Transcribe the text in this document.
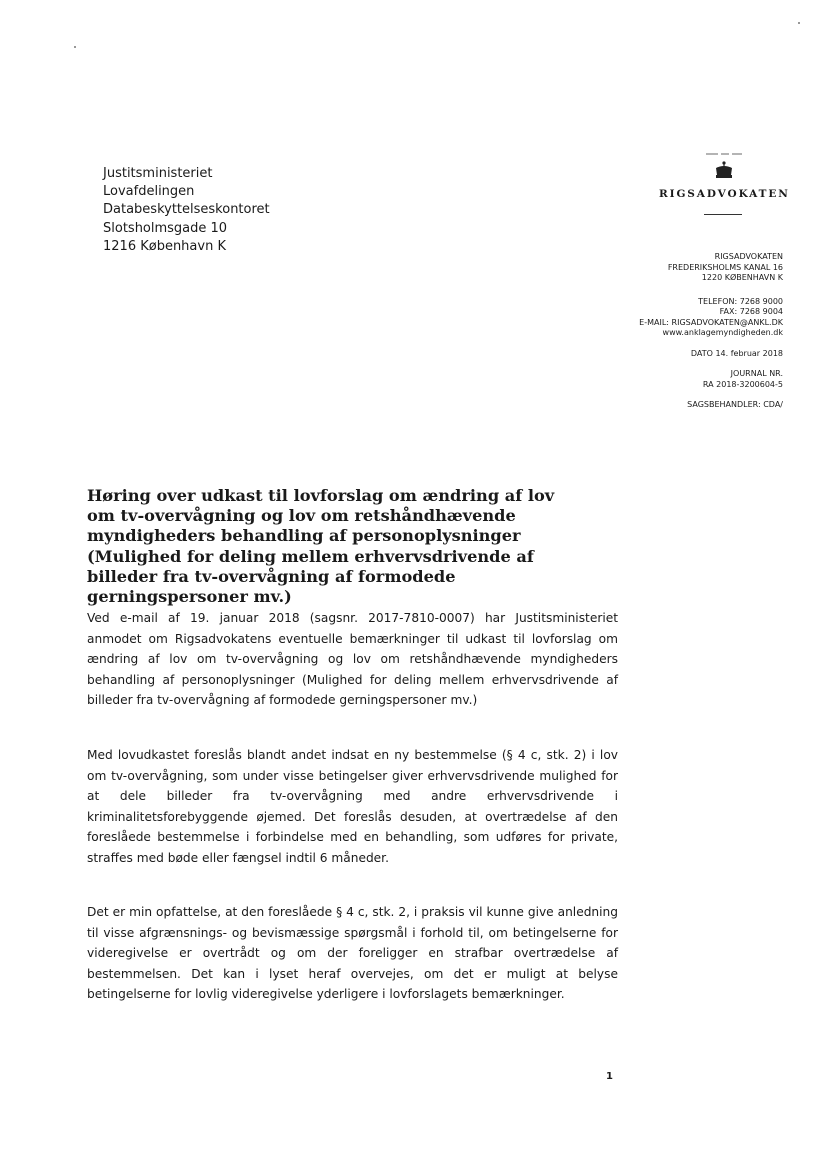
Justitsministeriet
Lovafdelingen
Databeskyttelseskontoret
Slotsholmsgade 10
1216 København K
RIGSADVOKATEN
RIGSADVOKATEN
FREDERIKSHOLMS KANAL 16
1220 KØBENHAVN K
TELEFON: 7268 9000
FAX: 7268 9004
E-MAIL: RIGSADVOKATEN@ANKL.DK
www.anklagemyndigheden.dk
DATO 14. februar 2018
JOURNAL NR.
RA 2018-3200604-5
SAGSBEHANDLER: CDA/
Høring over udkast til lovforslag om ændring af lov om tv-overvågning og lov om retshåndhævende myndigheders behandling af personoplysninger (Mulighed for deling mellem erhvervsdrivende af billeder fra tv-overvågning af formodede gerningspersoner mv.)

Ved e-mail af 19. januar 2018 (sagsnr. 2017-7810-0007) har Justitsministeriet anmodet om Rigsadvokatens eventuelle bemærkninger til udkast til lovforslag om ændring af lov om tv-overvågning og lov om retshåndhævende myndigheders behandling af personoplysninger (Mulighed for deling mellem erhvervsdrivende af billeder fra tv-overvågning af formodede gerningspersoner mv.)

Med lovudkastet foreslås blandt andet indsat en ny bestemmelse (§ 4 c, stk. 2) i lov om tv-overvågning, som under visse betingelser giver erhvervsdrivende mulighed for at dele billeder fra tv-overvågning med andre erhvervsdrivende i kriminalitetsforebyggende øjemed. Det foreslås desuden, at overtrædelse af den foreslåede bestemmelse i forbindelse med en behandling, som udføres for private, straffes med bøde eller fængsel indtil 6 måneder.

Det er min opfattelse, at den foreslåede § 4 c, stk. 2, i praksis vil kunne give anledning til visse afgrænsnings- og bevismæssige spørgsmål i forhold til, om betingelserne for videregivelse er overtrådt og om der foreligger en strafbar overtrædelse af bestemmelsen. Det kan i lyset heraf overvejes, om det er muligt at belyse betingelserne for lovlig videregivelse yderligere i lovforslagets bemærkninger.

1
